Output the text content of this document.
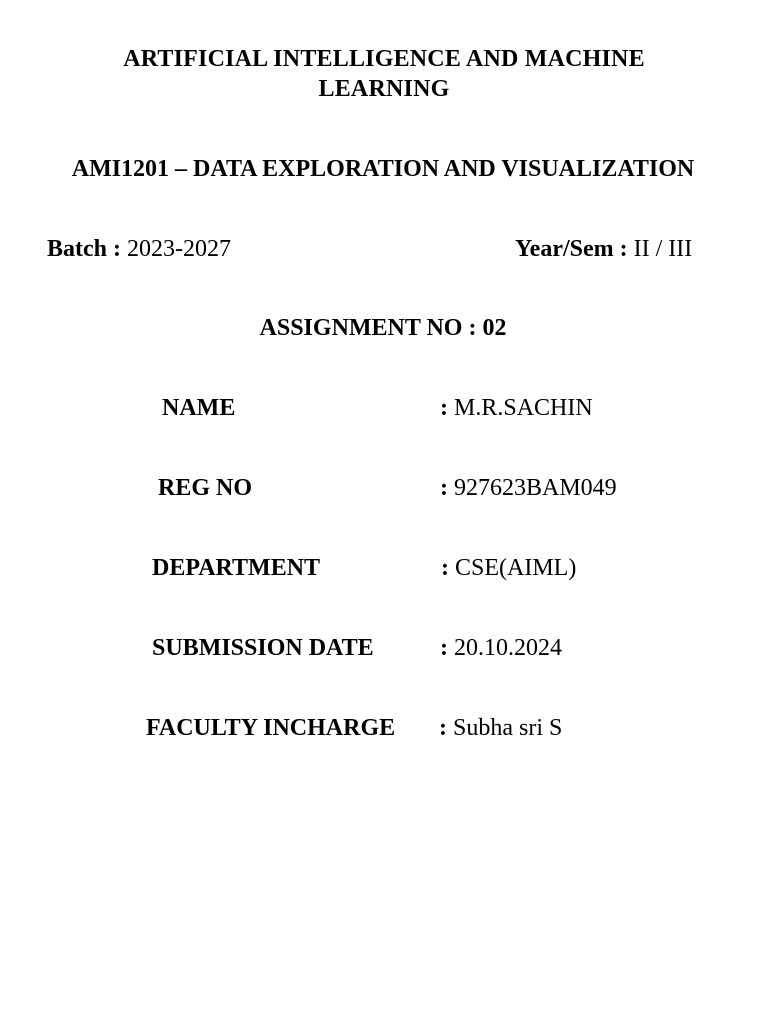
ARTIFICIAL INTELLIGENCE AND MACHINE LEARNING
AMI1201 – DATA EXPLORATION AND VISUALIZATION
Batch : 2023-2027	Year/Sem : II / III
ASSIGNMENT NO : 02
NAME	: M.R.SACHIN
REG NO	: 927623BAM049
DEPARTMENT	: CSE(AIML)
SUBMISSION DATE	: 20.10.2024
FACULTY INCHARGE : Subha sri S
